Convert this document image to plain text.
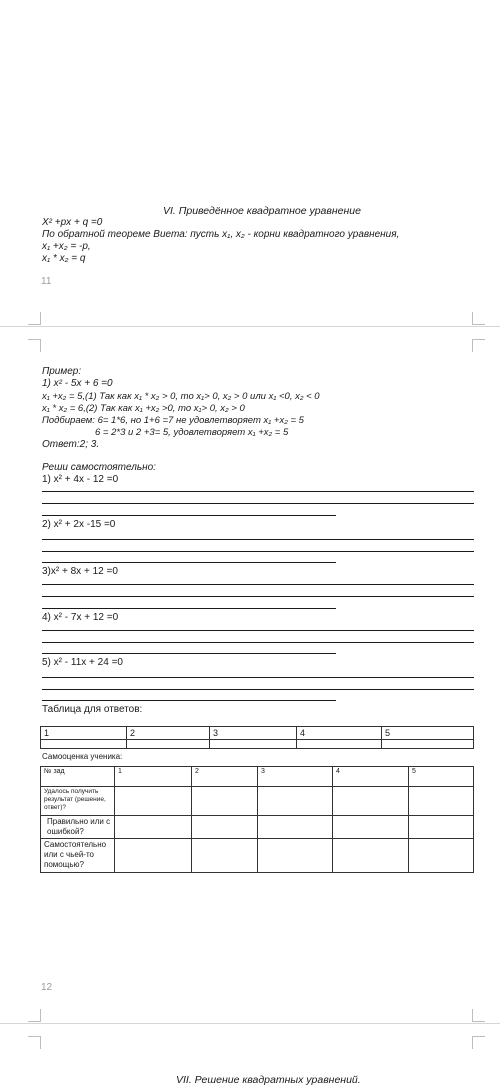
VI. Приведённое квадратное уравнение
X² +px + q =0
По обратной теореме Виета: пусть x₁, x₂ - корни квадратного уравнения,
x₁ +x₂ = -p,
x₁ * x₂ = q
11
Пример:
1) x² - 5x + 6 =0
x₁ +x₂ = 5,(1) Так как x₁ * x₂ > 0, то x₁> 0, x₂ > 0 или x₁ <0, x₂ < 0
x₁ * x₂ = 6,(2) Так как x₁ +x₂ >0, то x₁> 0, x₂ > 0
Подбираем: 6= 1*6, но 1+6 =7 не удовлетворяет x₁ +x₂ = 5
6 = 2*3 и 2 +3= 5, удовлетворяет x₁ +x₂ = 5
Ответ:2; 3.
Реши самостоятельно:
1) x² + 4x - 12 =0
2) x² + 2x -15 =0
3)x² + 8x + 12 =0
4) x² - 7x + 12 =0
5) x² - 11x + 24 =0
Таблица для ответов:
1	2	3	4	5

Самооценка ученика:
№ зад	1	2	3	4	5
Удалось получить результат (решение, ответ)?					
Правильно или с ошибкой?					
Самостоятельно или с чьей-то помощью?					
12
VII. Решение квадратных уравнений.
